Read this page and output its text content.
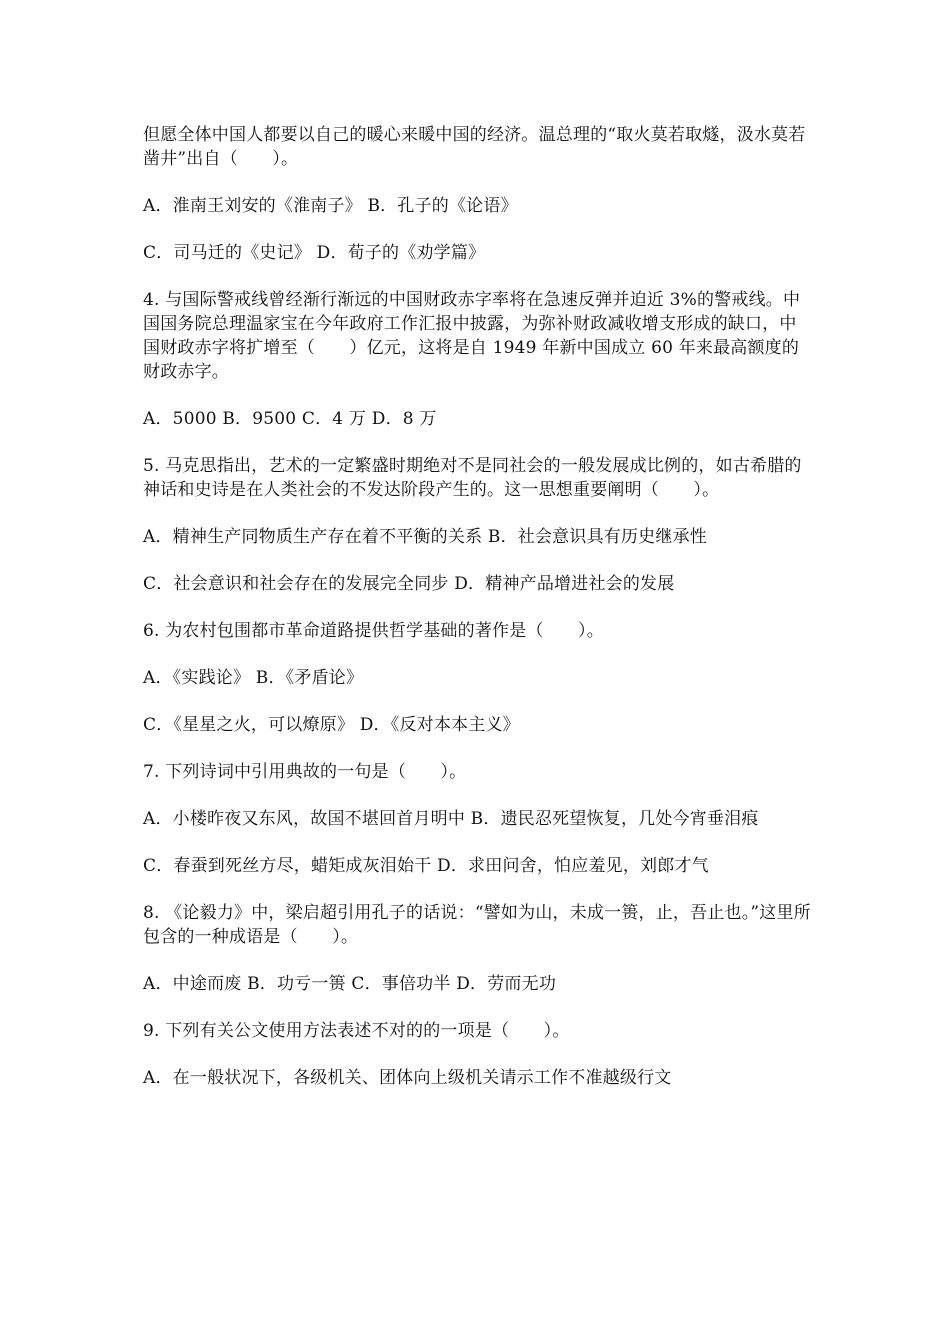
但愿全体中国人都要以自己的暖心来暖中国的经济。温总理的“取火莫若取燧，汲水莫若凿井”出自（　　）。

A．淮南王刘安的《淮南子》 B．孔子的《论语》

C．司马迁的《史记》 D．荀子的《劝学篇》

4. 与国际警戒线曾经渐行渐远的中国财政赤字率将在急速反弹并迫近 3%的警戒线。中国国务院总理温家宝在今年政府工作汇报中披露，为弥补财政减收增支形成的缺口，中国财政赤字将扩增至（　　）亿元，这将是自 1949 年新中国成立 60 年来最高额度的财政赤字。

A．5000 B．9500 C．4 万 D．8 万

5. 马克思指出，艺术的一定繁盛时期绝对不是同社会的一般发展成比例的，如古希腊的神话和史诗是在人类社会的不发达阶段产生的。这一思想重要阐明（　　）。

A．精神生产同物质生产存在着不平衡的关系 B．社会意识具有历史继承性

C．社会意识和社会存在的发展完全同步 D．精神产品增进社会的发展

6. 为农村包围都市革命道路提供哲学基础的著作是（　　）。

A．《实践论》 B．《矛盾论》

C．《星星之火，可以燎原》 D．《反对本本主义》

7. 下列诗词中引用典故的一句是（　　）。

A．小楼昨夜又东风，故国不堪回首月明中 B．遗民忍死望恢复，几处今宵垂泪痕

C．春蚕到死丝方尽，蜡矩成灰泪始干 D．求田问舍，怕应羞见，刘郎才气

8. 《论毅力》中，梁启超引用孔子的话说：“譬如为山，未成一篑，止，吾止也。”这里所包含的一种成语是（　　）。

A．中途而废 B．功亏一篑 C．事倍功半 D．劳而无功

9. 下列有关公文使用方法表述不对的的一项是（　　）。

A．在一般状况下，各级机关、团体向上级机关请示工作不准越级行文
